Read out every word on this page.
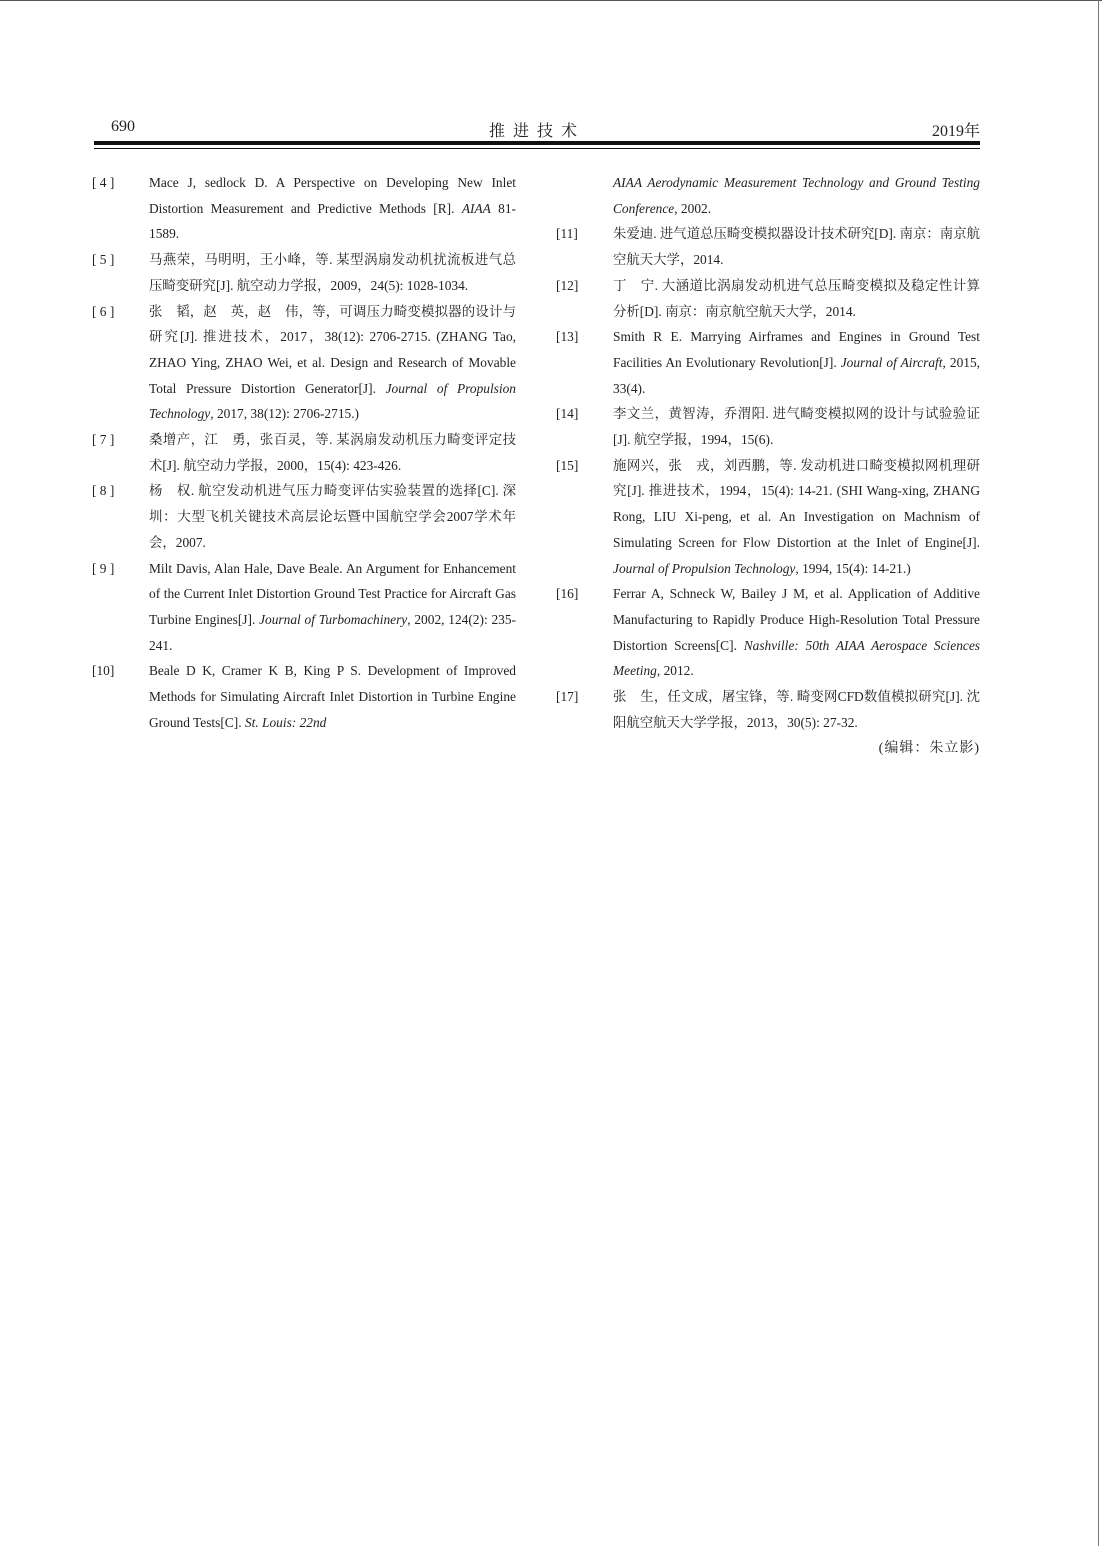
690	推进技术	2019年
[ 4 ]	Mace J, sedlock D. A Perspective on Developing New Inlet Distortion Measurement and Predictive Methods [R]. AIAA 81-1589.
[ 5 ]	马燕荣，马明明，王小峰，等. 某型涡扇发动机扰流板进气总压畸变研究[J]. 航空动力学报，2009，24(5): 1028-1034.
[ 6 ]	张　韬，赵　英，赵　伟，等，可调压力畸变模拟器的设计与研究[J]. 推进技术，2017，38(12): 2706-2715. (ZHANG Tao, ZHAO Ying, ZHAO Wei, et al. Design and Research of Movable Total Pressure Distortion Generator[J]. Journal of Propulsion Technology, 2017, 38(12): 2706-2715.)
[ 7 ]	桑增产，江　勇，张百灵，等. 某涡扇发动机压力畸变评定技术[J]. 航空动力学报，2000，15(4): 423-426.
[ 8 ]	杨　权. 航空发动机进气压力畸变评估实验装置的选择[C]. 深圳：大型飞机关键技术高层论坛暨中国航空学会2007学术年会，2007.
[ 9 ]	Milt Davis, Alan Hale, Dave Beale. An Argument for Enhancement of the Current Inlet Distortion Ground Test Practice for Aircraft Gas Turbine Engines[J]. Journal of Turbomachinery, 2002, 124(2): 235-241.
[10]	Beale D K, Cramer K B, King P S. Development of Improved Methods for Simulating Aircraft Inlet Distortion in Turbine Engine Ground Tests[C]. St. Louis: 22nd
AIAA Aerodynamic Measurement Technology and Ground Testing Conference, 2002.
[11]	朱爱迪. 进气道总压畸变模拟器设计技术研究[D]. 南京：南京航空航天大学，2014.
[12]	丁　宁. 大涵道比涡扇发动机进气总压畸变模拟及稳定性计算分析[D]. 南京：南京航空航天大学，2014.
[13]	Smith R E. Marrying Airframes and Engines in Ground Test Facilities An Evolutionary Revolution[J]. Journal of Aircraft, 2015, 33(4).
[14]	李文兰，黄智涛，乔渭阳. 进气畸变模拟网的设计与试验验证[J]. 航空学报，1994，15(6).
[15]	施网兴，张　戎，刘西鹏，等. 发动机进口畸变模拟网机理研究[J]. 推进技术，1994，15(4): 14-21. (SHI Wang-xing, ZHANG Rong, LIU Xi-peng, et al. An Investigation on Machnism of Simulating Screen for Flow Distortion at the Inlet of Engine[J]. Journal of Propulsion Technology, 1994, 15(4): 14-21.)
[16]	Ferrar A, Schneck W, Bailey J M, et al. Application of Additive Manufacturing to Rapidly Produce High-Resolution Total Pressure Distortion Screens[C]. Nashville: 50th AIAA Aerospace Sciences Meeting, 2012.
[17]	张　生，任文成，屠宝锋，等. 畸变网CFD数值模拟研究[J]. 沈阳航空航天大学学报，2013，30(5): 27-32.
(编辑：朱立影)
